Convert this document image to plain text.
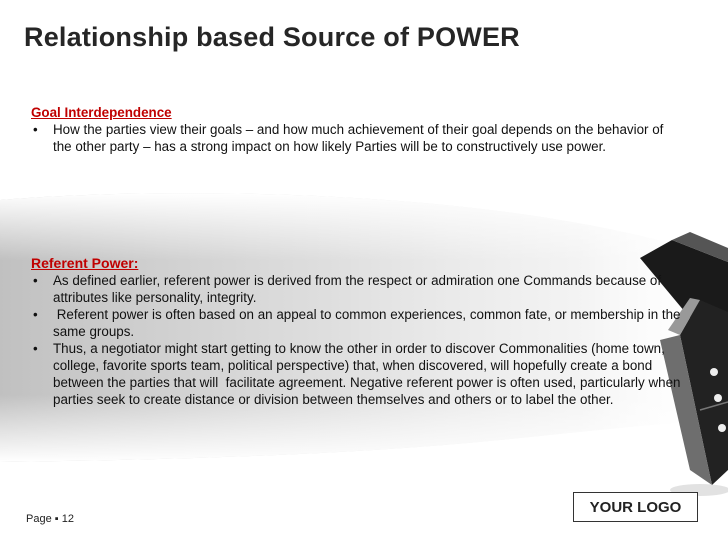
Relationship based Source of POWER
Goal Interdependence
•	How the parties view their goals – and how much achievement of their goal depends on the behavior of the other party – has a strong impact on how likely Parties will be to constructively use power.
Referent Power:
•	As defined earlier, referent power is derived from the respect or admiration one Commands because of attributes like personality, integrity.
•	Referent power is often based on an appeal to common experiences, common fate, or membership in the same groups.
•	Thus, a negotiator might start getting to know the other in order to discover Commonalities (home town, college, favorite sports team, political perspective) that, when discovered, will hopefully create a bond between the parties that will  facilitate agreement. Negative referent power is often used, particularly when  parties seek to create distance or division between themselves and others or to label the other.
Page ▪ 12
YOUR LOGO
